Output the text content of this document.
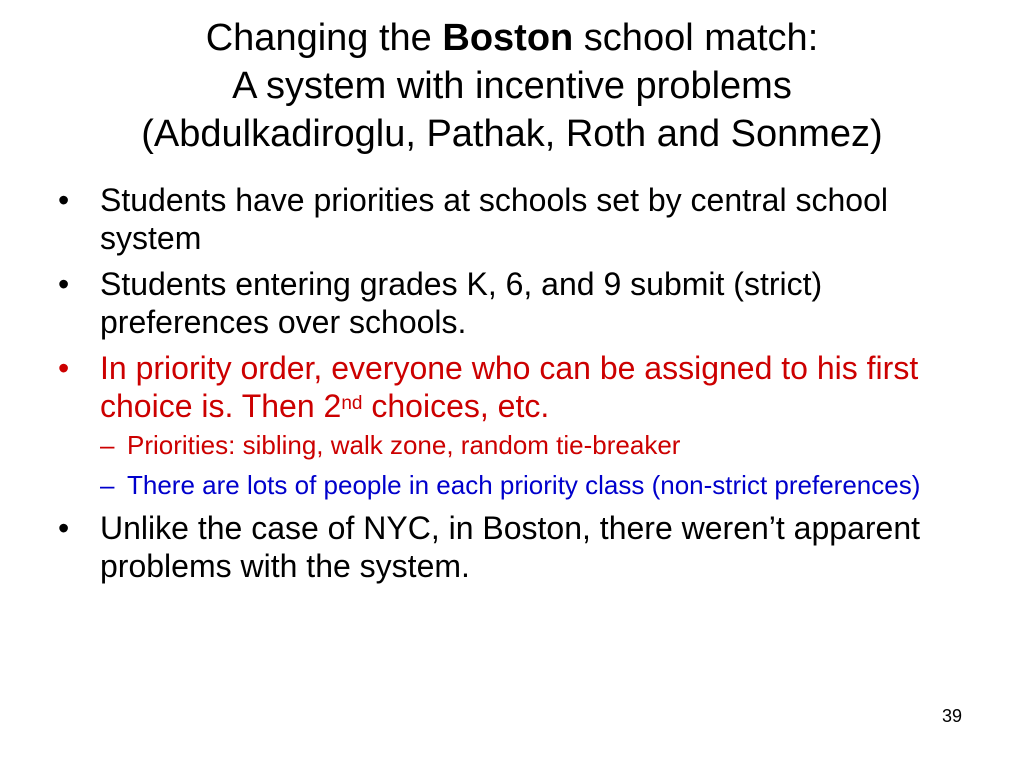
Changing the Boston school match:
A system with incentive problems
(Abdulkadiroglu, Pathak, Roth and Sonmez)
• Students have priorities at schools set by central school system
• Students entering grades K, 6, and 9 submit (strict) preferences over schools.
• In priority order, everyone who can be assigned to his first choice is. Then 2nd choices, etc.
– Priorities: sibling, walk zone, random tie-breaker
– There are lots of people in each priority class (non-strict preferences)
• Unlike the case of NYC, in Boston, there weren’t apparent problems with the system.
39
